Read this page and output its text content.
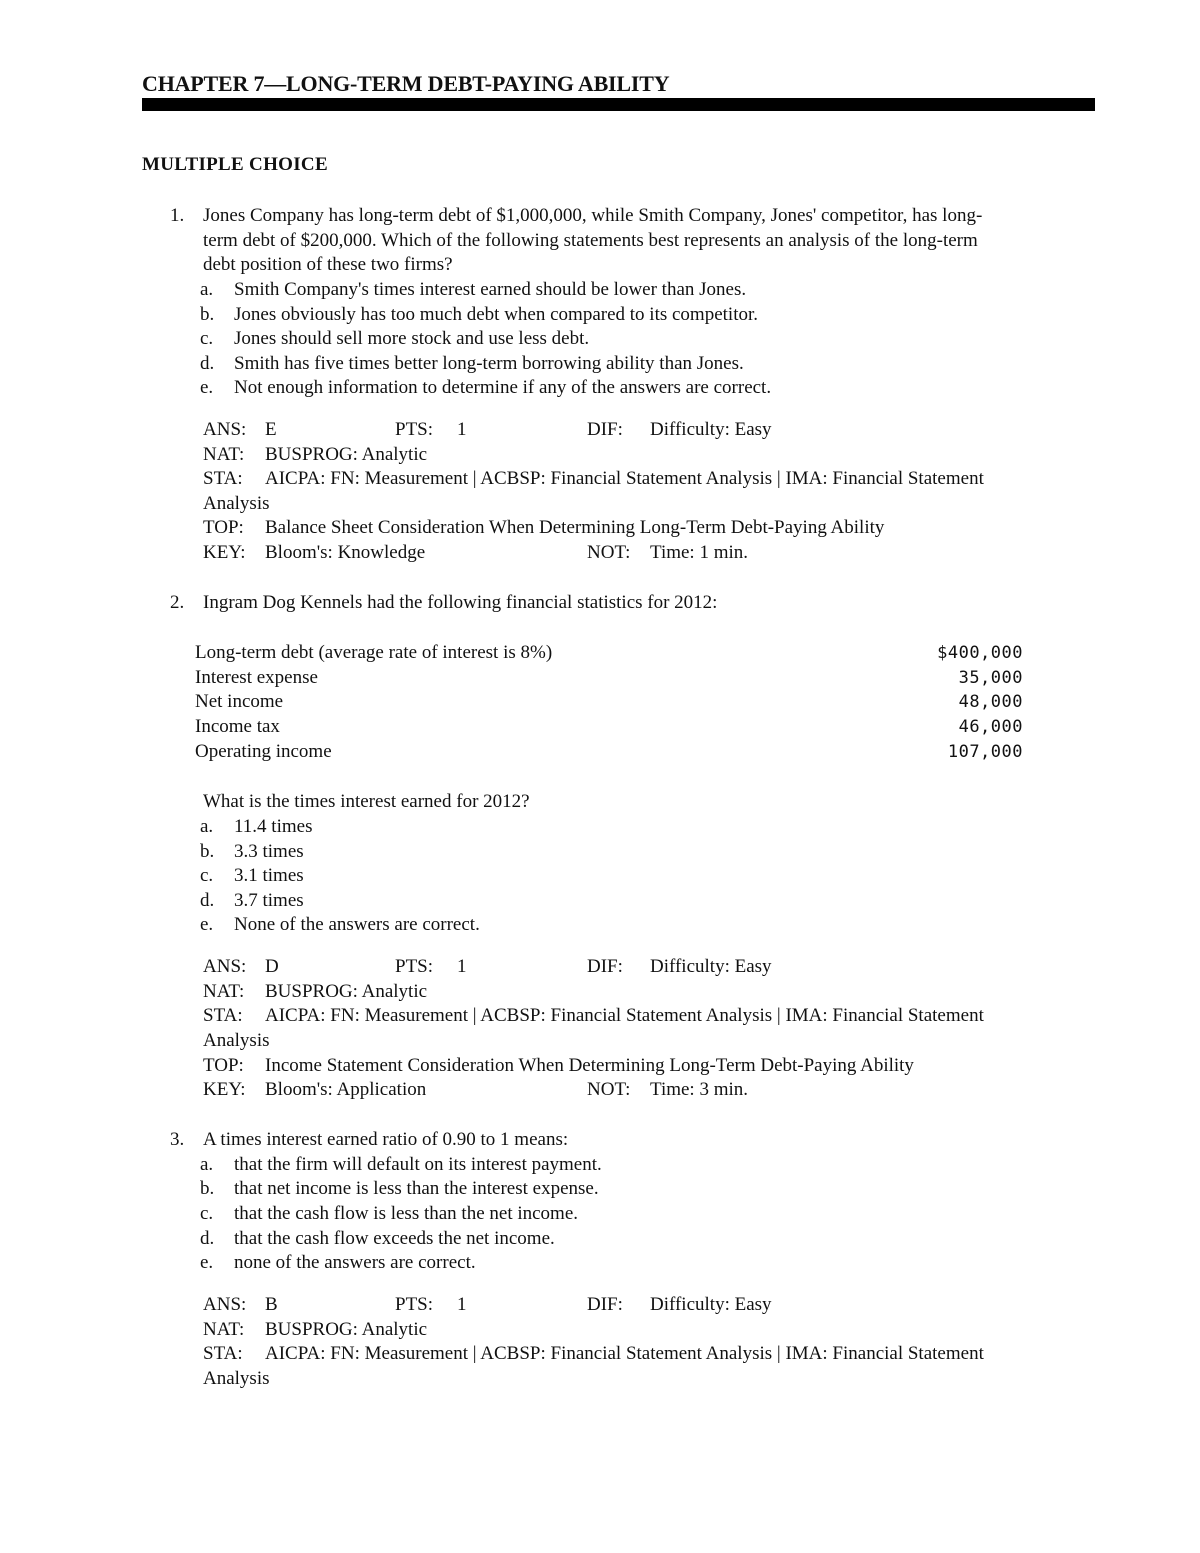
CHAPTER 7—LONG-TERM DEBT-PAYING ABILITY
MULTIPLE CHOICE
1. Jones Company has long-term debt of $1,000,000, while Smith Company, Jones' competitor, has long-
term debt of $200,000. Which of the following statements best represents an analysis of the long-term
debt position of these two firms?
a. Smith Company's times interest earned should be lower than Jones.
b. Jones obviously has too much debt when compared to its competitor.
c. Jones should sell more stock and use less debt.
d. Smith has five times better long-term borrowing ability than Jones.
e. Not enough information to determine if any of the answers are correct.
ANS: E	PTS: 1	DIF: Difficulty: Easy
NAT: BUSPROG: Analytic
STA: AICPA: FN: Measurement | ACBSP: Financial Statement Analysis | IMA: Financial Statement
Analysis
TOP: Balance Sheet Consideration When Determining Long-Term Debt-Paying Ability
KEY: Bloom's: Knowledge	NOT: Time: 1 min.
2. Ingram Dog Kennels had the following financial statistics for 2012:
Long-term debt (average rate of interest is 8%)	$400,000
Interest expense	35,000
Net income	48,000
Income tax	46,000
Operating income	107,000
What is the times interest earned for 2012?
a. 11.4 times
b. 3.3 times
c. 3.1 times
d. 3.7 times
e. None of the answers are correct.
ANS: D	PTS: 1	DIF: Difficulty: Easy
NAT: BUSPROG: Analytic
STA: AICPA: FN: Measurement | ACBSP: Financial Statement Analysis | IMA: Financial Statement
Analysis
TOP: Income Statement Consideration When Determining Long-Term Debt-Paying Ability
KEY: Bloom's: Application	NOT: Time: 3 min.
3. A times interest earned ratio of 0.90 to 1 means:
a. that the firm will default on its interest payment.
b. that net income is less than the interest expense.
c. that the cash flow is less than the net income.
d. that the cash flow exceeds the net income.
e. none of the answers are correct.
ANS: B	PTS: 1	DIF: Difficulty: Easy
NAT: BUSPROG: Analytic
STA: AICPA: FN: Measurement | ACBSP: Financial Statement Analysis | IMA: Financial Statement
Analysis
